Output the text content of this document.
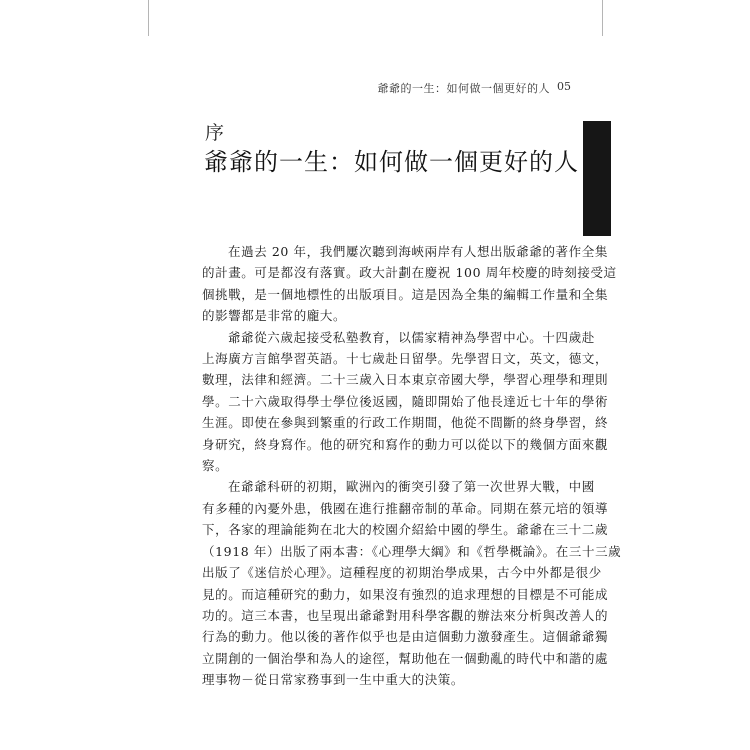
爺爺的一生：如何做一個更好的人 05
序
爺爺的一生：如何做一個更好的人

在過去 20 年，我們屢次聽到海峽兩岸有人想出版爺爺的著作全集
的計畫。可是都沒有落實。政大計劃在慶祝 100 周年校慶的時刻接受這
個挑戰，是一個地標性的出版項目。這是因為全集的編輯工作量和全集
的影響都是非常的龐大。

爺爺從六歲起接受私塾教育，以儒家精神為學習中心。十四歲赴
上海廣方言館學習英語。十七歲赴日留學。先學習日文，英文，德文，
數理，法律和經濟。二十三歲入日本東京帝國大學，學習心理學和理則
學。二十六歲取得學士學位後返國，隨即開始了他長達近七十年的學術
生涯。即使在參與到繁重的行政工作期間，他從不間斷的終身學習，終
身研究，終身寫作。他的研究和寫作的動力可以從以下的幾個方面來觀
察。

在爺爺科研的初期，歐洲內的衝突引發了第一次世界大戰，中國
有多種的內憂外患，俄國在進行推翻帝制的革命。同期在蔡元培的領導
下，各家的理論能夠在北大的校園介紹給中國的學生。爺爺在三十二歲
（1918 年）出版了兩本書：《心理學大綱》和《哲學概論》。在三十三歲
出版了《迷信於心理》。這種程度的初期治學成果，古今中外都是很少
見的。而這種研究的動力，如果沒有強烈的追求理想的目標是不可能成
功的。這三本書，也呈現出爺爺對用科學客觀的辦法來分析與改善人的
行為的動力。他以後的著作似乎也是由這個動力激發產生。這個爺爺獨
立開創的一個治學和為人的途徑，幫助他在一個動亂的時代中和諧的處
理事物－從日常家務事到一生中重大的決策。
